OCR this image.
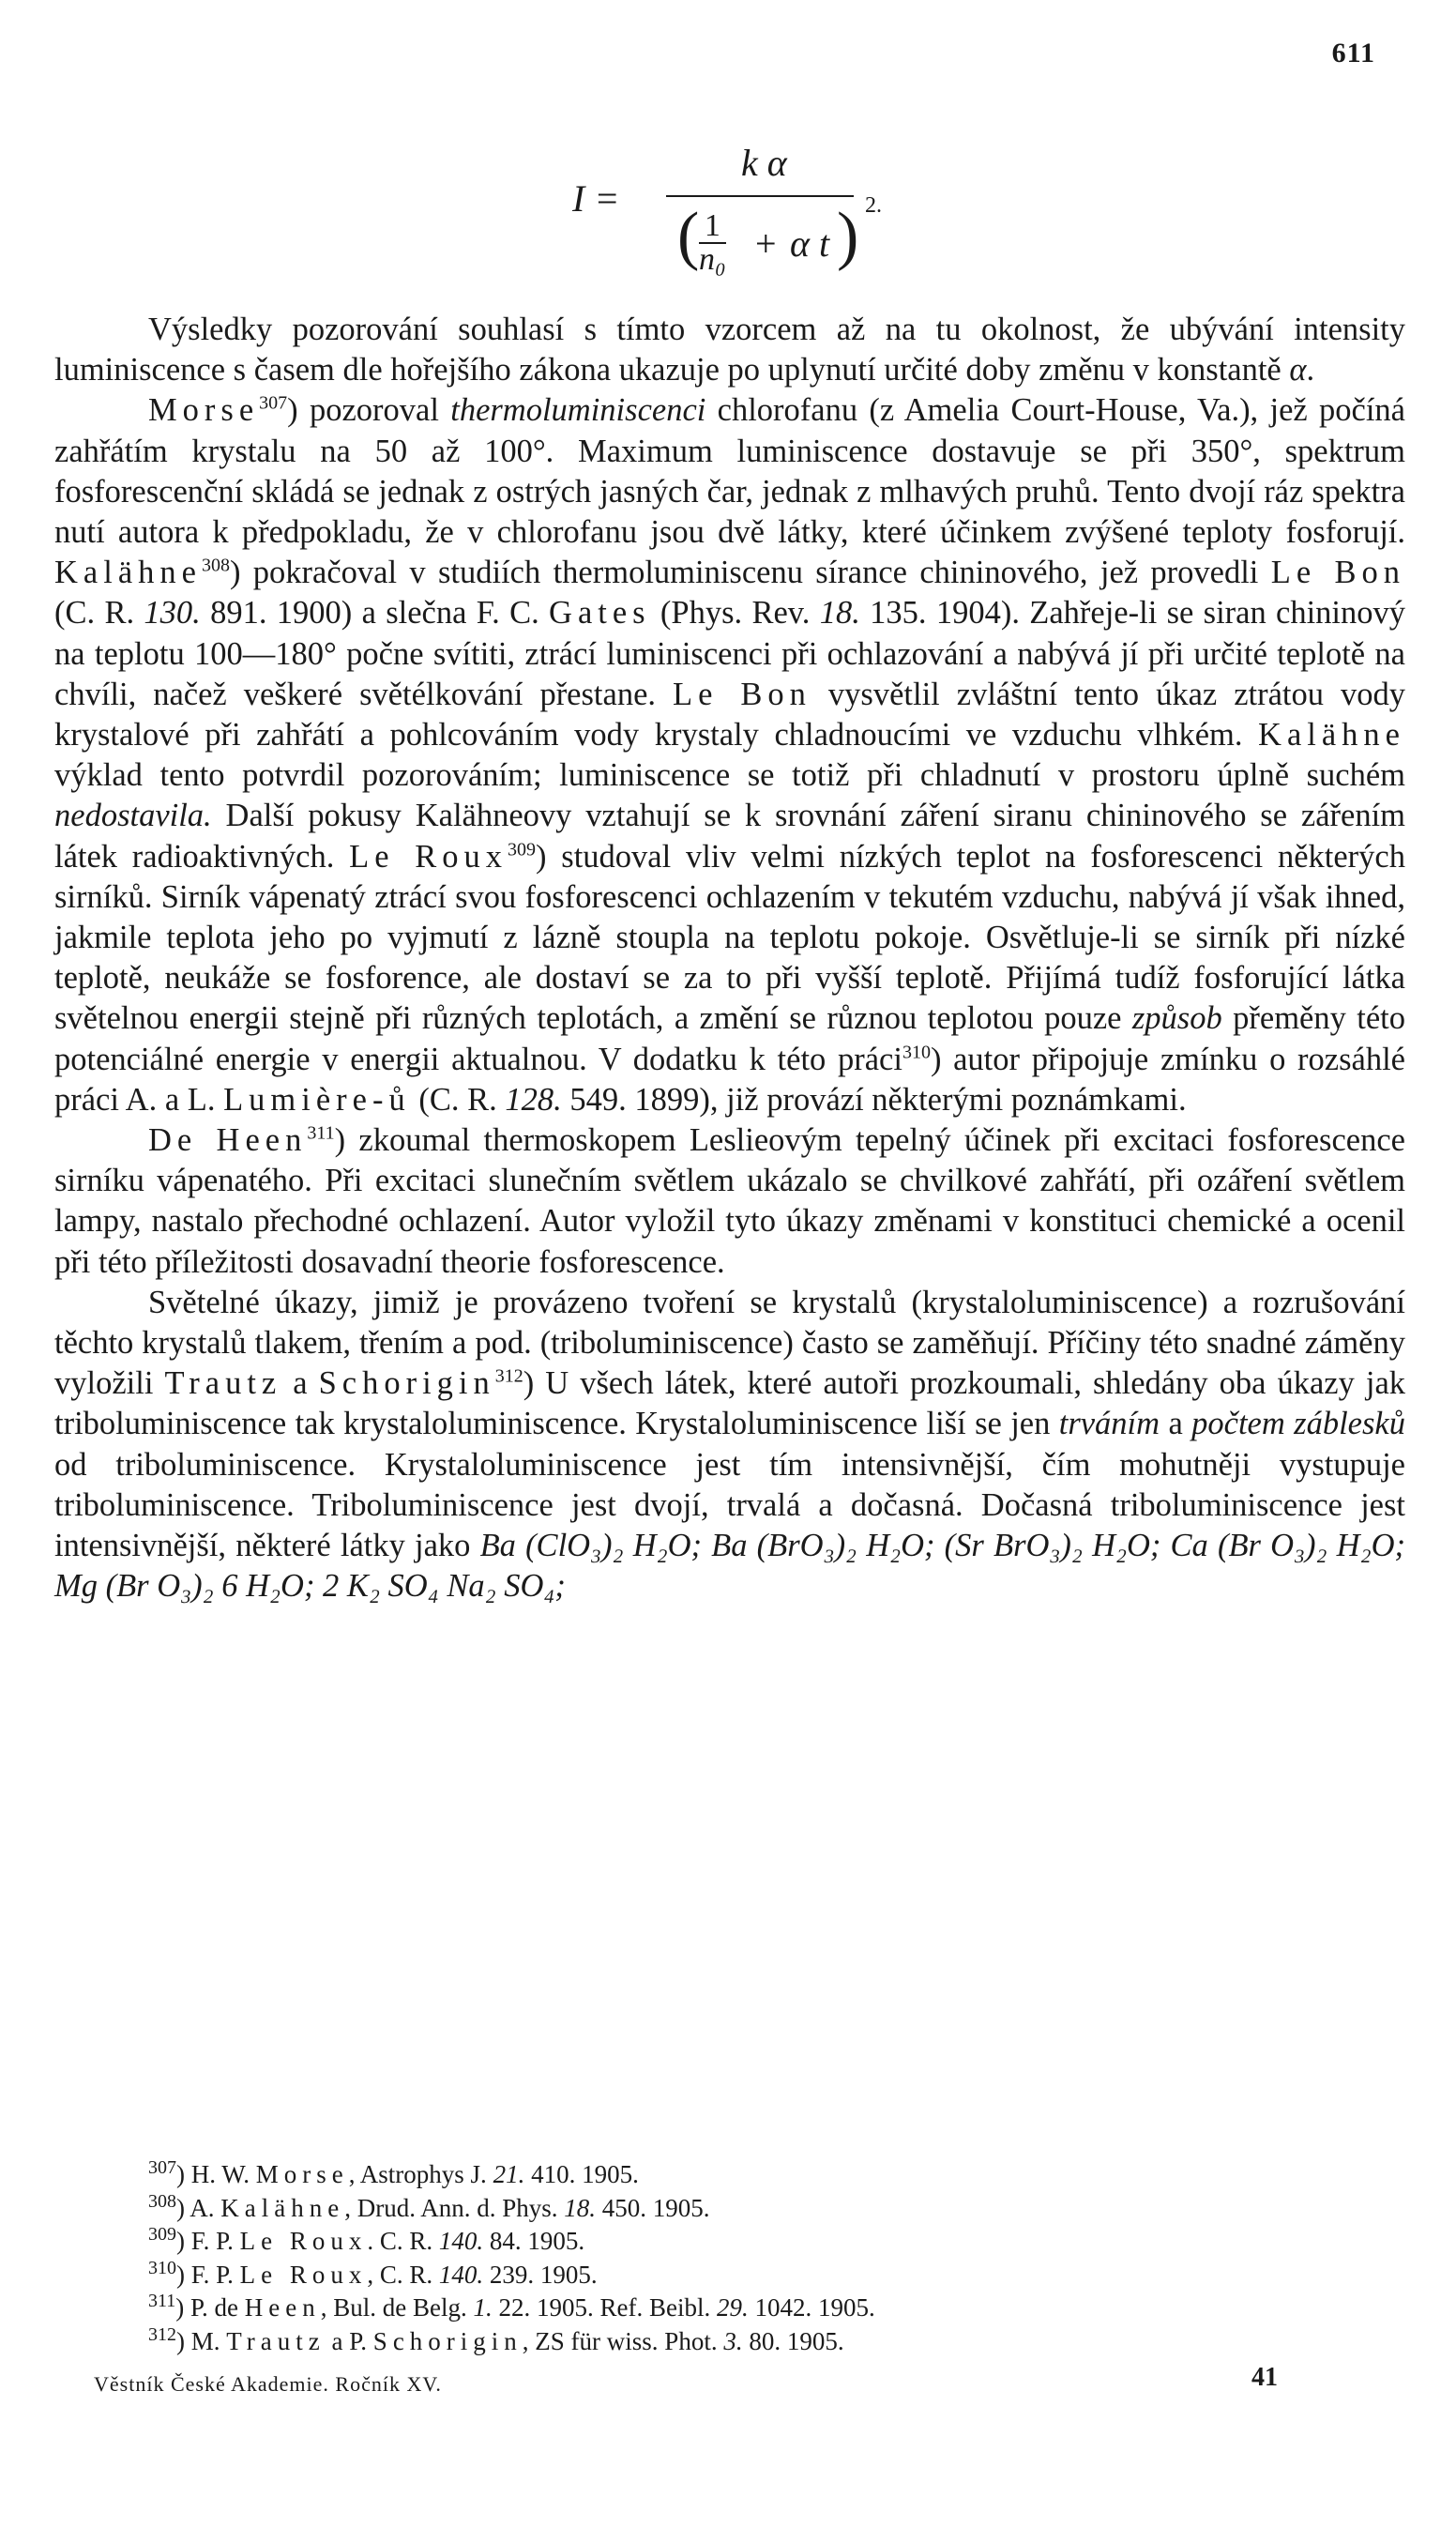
611
I =
k α
( $\frac{1}{\text{n₀}} + \alpha$ t ) 2.

Výsledky pozorování souhlasí s tímto vzorcem až na tu okolnost, že ubývání intensity luminiscence s časem dle hořejšího zákona ukazuje po uplynutí určité doby změnu v konstantě α.

Morse$^{307}$) pozoroval thermoluminiscenci chlorofanu (z Amelia Court-House, Va.), jež počíná zahřátím krystalu na 50 až 100°. Maximum luminiscence dostavuje se při 350°, spektrum fosforescenční skládá se jednak z ostrých jasných čar, jednak z mlhavých pruhů. Tento dvojí ráz spektra nutí autora k předpokladu, že v chlorofanu jsou dvě látky, které účinkem zvýšené teploty fosforují. Kalähne$^{308}$) pokračoval v studiích thermoluminiscenu sírance chininového, jež provedli Le Bon (C. R. 130. 891. 1900) a slečna F. C. Gates (Phys. Rev. 18. 135. 1904). Zahřeje-li se siran chininový na teplotu 100—180° počne svítiti, ztrácí luminiscenci při ochlazování a nabývá jí při určité teplotě na chvíli, načež veškeré světélkování přestane. Le Bon vysvětlil zvláštní tento úkaz ztrátou vody krystalové při zahřátí a pohlcováním vody krystaly chladnoucími ve vzduchu vlhkém. Kalähne výklad tento potvrdil pozorováním; luminiscence se totiž při chladnutí v prostoru úplně suchém nedostavila. Další pokusy Kalähneovy vztahují se k srovnání záření siranu chininového se zářením látek radioaktivných. Le Roux$^{309}$) studoval vliv velmi nízkých teplot na fosforescenci některých sirníků. Sirník vápenatý ztrácí svou fosforescenci ochlazením v tekutém vzduchu, nabývá jí však ihned, jakmile teplota jeho po vyjmutí z lázně stoupla na teplotu pokoje. Osvětluje-li se sirník při nízké teplotě, neukáže se fosforence, ale dostaví se za to při vyšší teplotě. Přijímá tudíž fosforující látka světelnou energii stejně při různých teplotách, a změní se různou teplotou pouze způsob přeměny této potenciálné energie v energii aktualnou. V dodatku k této práci$^{310}$) autor připojuje zmínku o rozsáhlé práci A. a L. Lumière-ů (C. R. 128. 549. 1899), již provází některými poznámkami.

De Heen$^{311}$) zkoumal thermoskopem Leslieovým tepelný účinek při excitaci fosforescence sirníku vápenatého. Při excitaci slunečním světlem ukázalo se chvilkové zahřátí, při ozáření světlem lampy, nastalo přechodné ochlazení. Autor vyložil tyto úkazy změnami v konstituci chemické a ocenil při této příležitosti dosavadní theorie fosforescence.

Světelné úkazy, jimiž je provázeno tvoření se krystalů (krystaloluminiscence) a rozrušování těchto krystalů tlakem, třením a pod. (triboluminiscence) často se zaměňují. Příčiny této snadné záměny vyložili Trautz a Schorigin$^{312}$) U všech látek, které autoři prozkoumali, shledány oba úkazy jak triboluminiscence tak krystaloluminiscence. Krystaloluminiscence liší se jen trváním a počtem záblesků od triboluminiscence. Krystaloluminiscence jest tím intensivnější, čím mohutněji vystupuje triboluminiscence. Triboluminiscence jest dvojí, trvalá a dočasná. Dočasná triboluminiscence jest intensivnější, některé látky jako Ba (ClO₃)₂ H₂O; Ba (BrO₃)₂ H₂O; (Sr BrO₃)₂ H₂O; Ca (Br O₃)₂ H₂O; Mg (Br O₃)₂ 6 H₂O; 2 K₂ SO₄ Na₂ SO₄;

$^{307}$) H. W. Morse, Astrophys J. 21. 410. 1905.
$^{308}$) A. Kalähne, Drud. Ann. d. Phys. 18. 450. 1905.
$^{309}$) F. P. Le Roux. C. R. 140. 84. 1905.
$^{310}$) F. P. Le Roux, C. R. 140. 239. 1905.
$^{311}$) P. de Heen, Bul. de Belg. 1. 22. 1905. Ref. Beibl. 29. 1042. 1905.
$^{312}$) M. Trautz a P. Schorigin, ZS für wiss. Phot. 3. 80. 1905.
Věstník České Akademie. Ročník XV.	41
